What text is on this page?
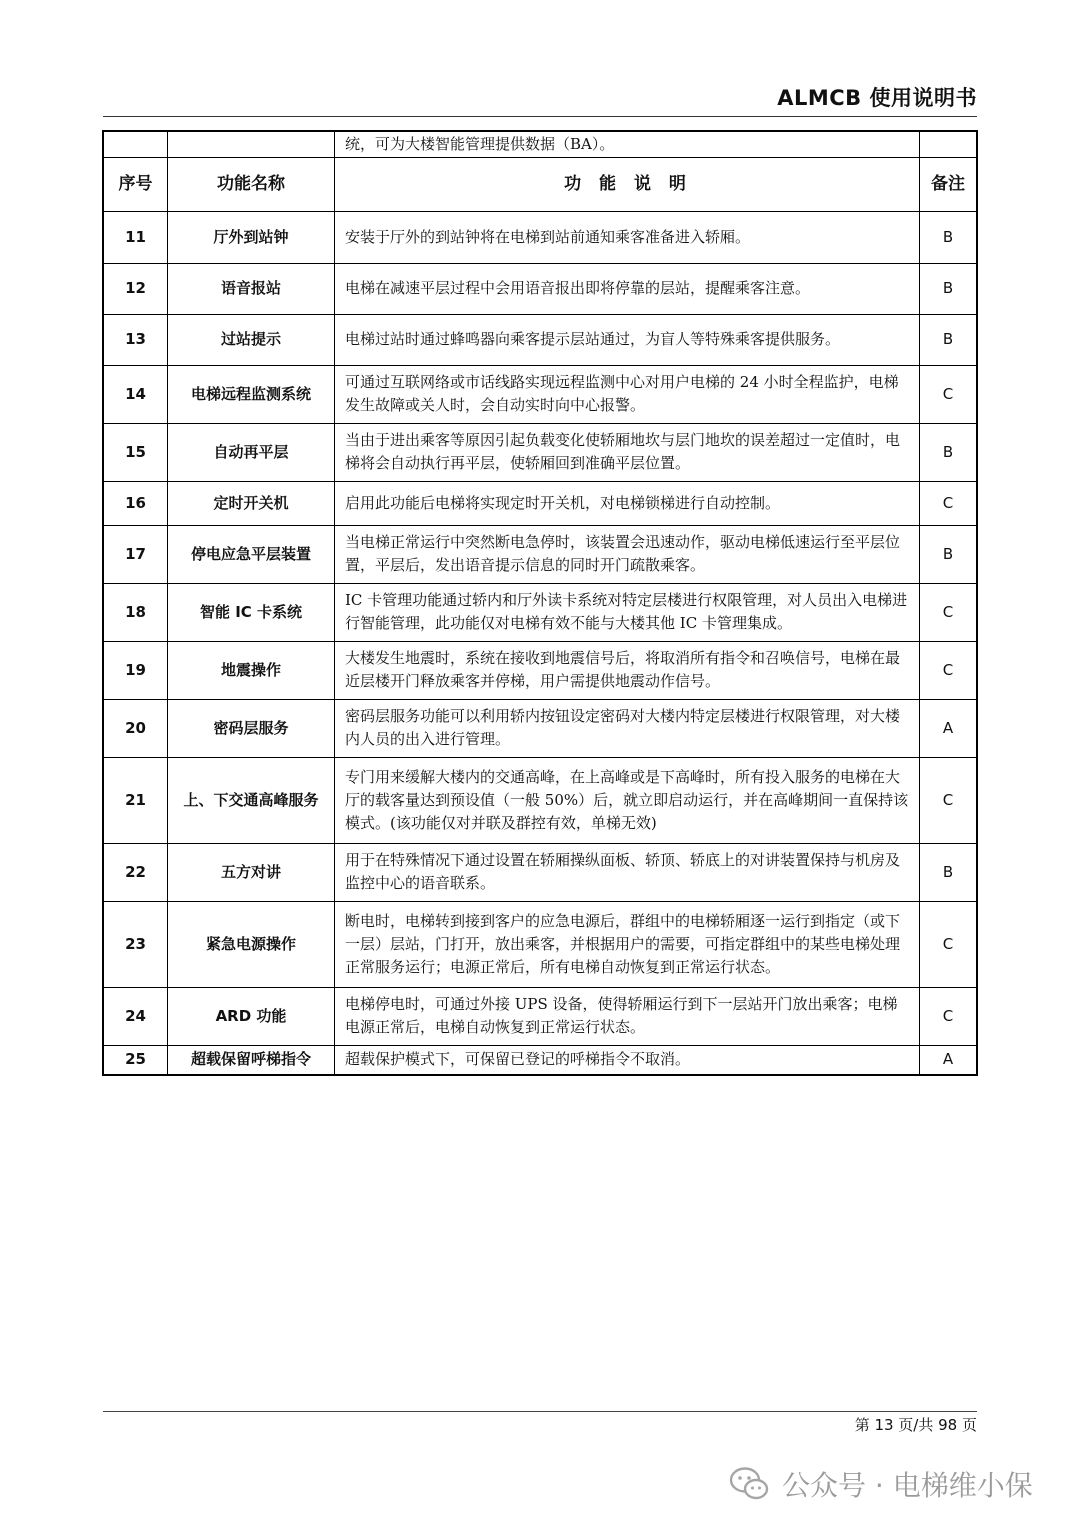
ALMCB 使用说明书
		统，可为大楼智能管理提供数据（BA）。	
序号	功能名称	功 能 说 明	备注
11	厅外到站钟	安装于厅外的到站钟将在电梯到站前通知乘客准备进入轿厢。	B
12	语音报站	电梯在减速平层过程中会用语音报出即将停靠的层站，提醒乘客注意。	B
13	过站提示	电梯过站时通过蜂鸣器向乘客提示层站通过，为盲人等特殊乘客提供服务。	B
14	电梯远程监测系统	可通过互联网络或市话线路实现远程监测中心对用户电梯的 24 小时全程监护，电梯发生故障或关人时，会自动实时向中心报警。	C
15	自动再平层	当由于进出乘客等原因引起负载变化使轿厢地坎与层门地坎的误差超过一定值时，电梯将会自动执行再平层，使轿厢回到准确平层位置。	B
16	定时开关机	启用此功能后电梯将实现定时开关机，对电梯锁梯进行自动控制。	C
17	停电应急平层装置	当电梯正常运行中突然断电急停时，该装置会迅速动作，驱动电梯低速运行至平层位置，平层后，发出语音提示信息的同时开门疏散乘客。	B
18	智能 IC 卡系统	IC 卡管理功能通过轿内和厅外读卡系统对特定层楼进行权限管理，对人员出入电梯进行智能管理，此功能仅对电梯有效不能与大楼其他 IC 卡管理集成。	C
19	地震操作	大楼发生地震时，系统在接收到地震信号后，将取消所有指令和召唤信号，电梯在最近层楼开门释放乘客并停梯，用户需提供地震动作信号。	C
20	密码层服务	密码层服务功能可以利用轿内按钮设定密码对大楼内特定层楼进行权限管理，对大楼内人员的出入进行管理。	A
21	上、下交通高峰服务	专门用来缓解大楼内的交通高峰，在上高峰或是下高峰时，所有投入服务的电梯在大厅的载客量达到预设值（一般 50%）后，就立即启动运行，并在高峰期间一直保持该模式。(该功能仅对并联及群控有效，单梯无效)	C
22	五方对讲	用于在特殊情况下通过设置在轿厢操纵面板、轿顶、轿底上的对讲装置保持与机房及监控中心的语音联系。	B
23	紧急电源操作	断电时，电梯转到接到客户的应急电源后，群组中的电梯轿厢逐一运行到指定（或下一层）层站，门打开，放出乘客，并根据用户的需要，可指定群组中的某些电梯处理正常服务运行；电源正常后，所有电梯自动恢复到正常运行状态。	C
24	ARD 功能	电梯停电时，可通过外接 UPS 设备，使得轿厢运行到下一层站开门放出乘客；电梯电源正常后，电梯自动恢复到正常运行状态。	C
25	超载保留呼梯指令	超载保护模式下，可保留已登记的呼梯指令不取消。	A
第 13 页/共 98 页
公众号 · 电梯维小保
